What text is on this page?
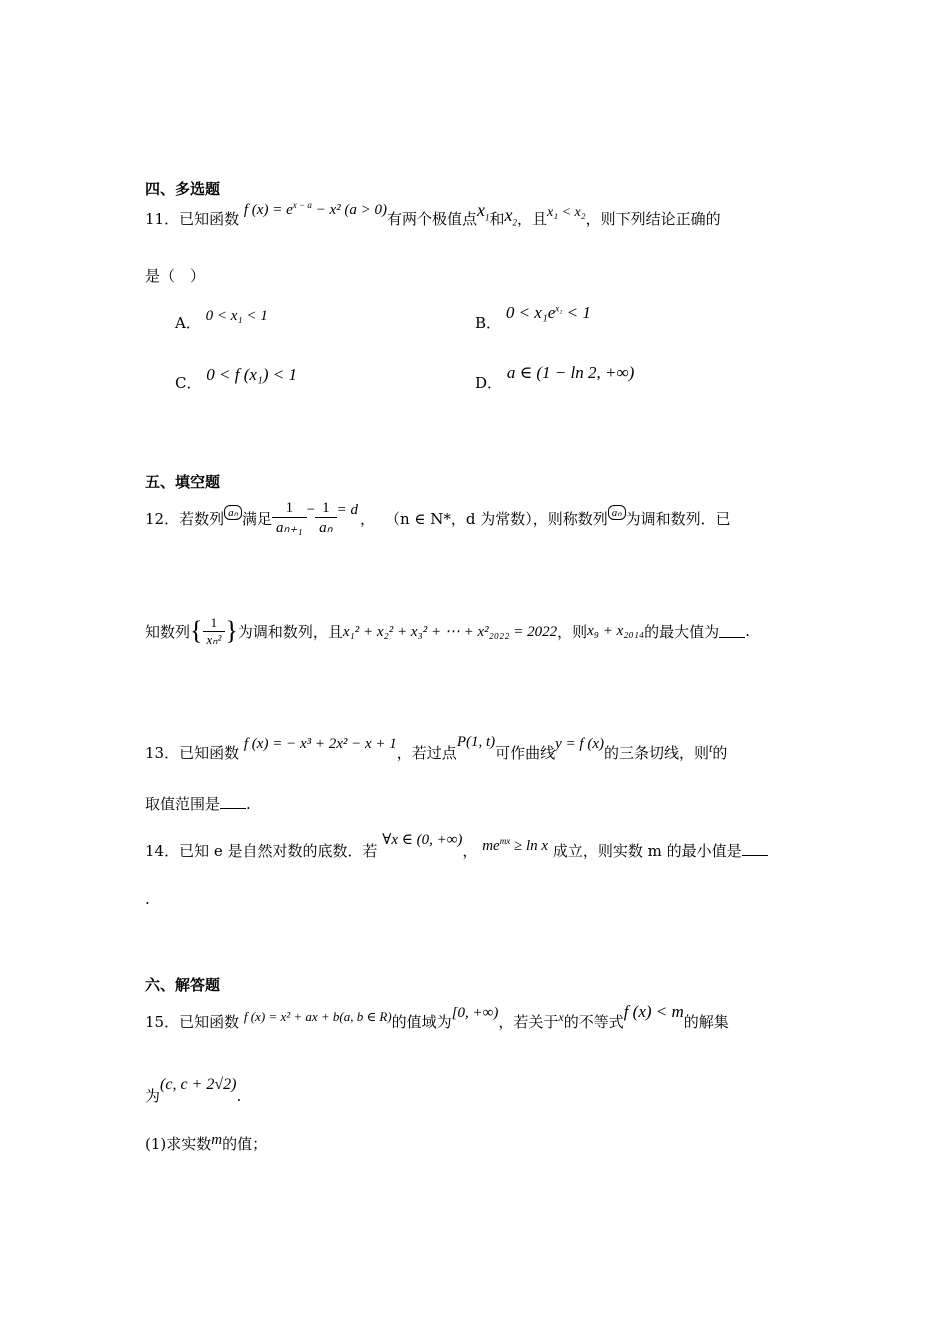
四、多选题
11．已知函数 f $(x) = e^{x - a} - x^2$ (a > 0)有两个极值点$x_1$和$x_2$，且x₁ < x₂，则下列结论正确的
是（　）
A． 0 < x₁ < 1	B． $0 < x_1e^{x_2} < 1$
C． 0 < f (x₁) < 1	D． a ∈ (1 − ln 2, +∞)
五、填空题
12． 若数列 aₙ 满足 $\frac{1}{\text{aₙ₊₁}} - \frac{1}{\text{aₙ}} = d$ ， （n ∈ N*，d 为常数），则称数列 aₙ 为调和数列．已
知数列 { $\frac{1}{\text{xₙ²}}$ } 为调和数列，且 x₁² + x₂² + x₃² + ⋯ + x²₂₀₂₂ = 2022 ，则 x₉ + x₂₀₁₄ 的最大值为 .
13．已知函数 f (x) = − x³ + 2x² − x + 1，若过点P(1, t)可作曲线y = f (x)的三条切线，则$^t$的
取值范围是 .
14．已知 e 是自然对数的底数．若 ∀x ∈ (0, +∞)， $me^{mx} \ge \ln x$ 成立，则实数 m 的最小值是
.
六、解答题
15．已知函数 f (x) = x² + ax + b(a, b ∈ R)的值域为[0, +∞)，若关于$^x$的不等式f (x) < m的解集
为(c, c + 2√2).
(1)求实数m的值；
